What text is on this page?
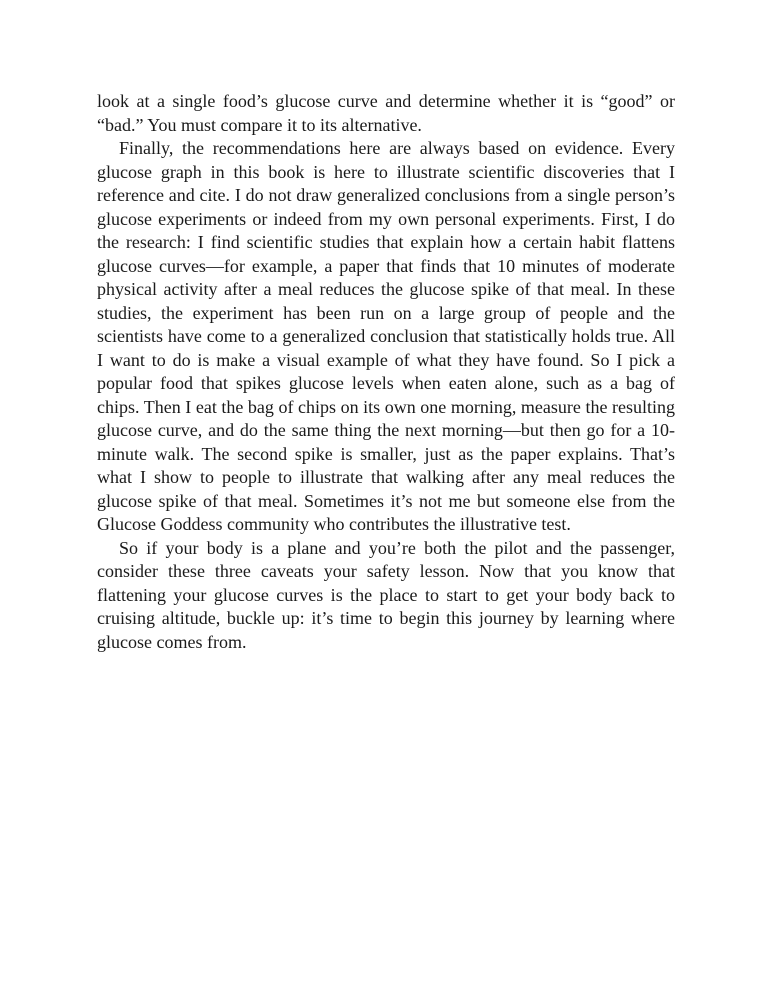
look at a single food’s glucose curve and determine whether it is “good” or “bad.” You must compare it to its alternative.

Finally, the recommendations here are always based on evidence. Every glucose graph in this book is here to illustrate scientific discoveries that I reference and cite. I do not draw generalized conclusions from a single person’s glucose experiments or indeed from my own personal experiments. First, I do the research: I find scientific studies that explain how a certain habit flattens glucose curves—for example, a paper that finds that 10 minutes of moderate physical activity after a meal reduces the glucose spike of that meal. In these studies, the experiment has been run on a large group of people and the scientists have come to a generalized conclusion that statistically holds true. All I want to do is make a visual example of what they have found. So I pick a popular food that spikes glucose levels when eaten alone, such as a bag of chips. Then I eat the bag of chips on its own one morning, measure the resulting glucose curve, and do the same thing the next morning—but then go for a 10-minute walk. The second spike is smaller, just as the paper explains. That’s what I show to people to illustrate that walking after any meal reduces the glucose spike of that meal. Sometimes it’s not me but someone else from the Glucose Goddess community who contributes the illustrative test.

So if your body is a plane and you’re both the pilot and the passenger, consider these three caveats your safety lesson. Now that you know that flattening your glucose curves is the place to start to get your body back to cruising altitude, buckle up: it’s time to begin this journey by learning where glucose comes from.
